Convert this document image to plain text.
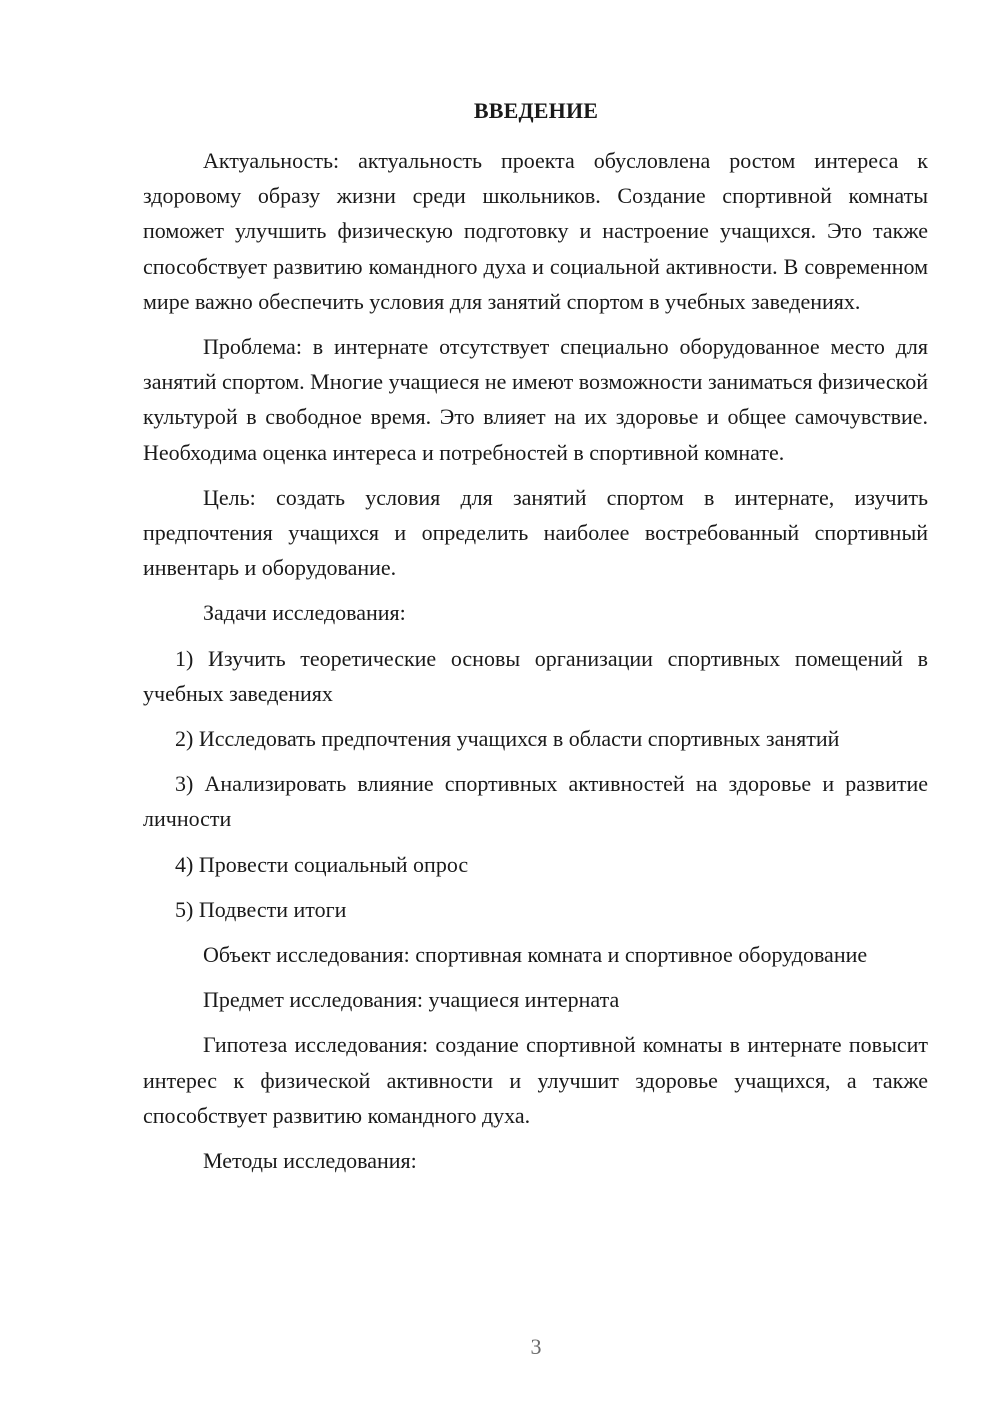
ВВЕДЕНИЕ

Актуальность: актуальность проекта обусловлена ростом интереса к здоровому образу жизни среди школьников. Создание спортивной комнаты поможет улучшить физическую подготовку и настроение учащихся. Это также способствует развитию командного духа и социальной активности. В современном мире важно обеспечить условия для занятий спортом в учебных заведениях.

Проблема: в интернате отсутствует специально оборудованное место для занятий спортом. Многие учащиеся не имеют возможности заниматься физической культурой в свободное время. Это влияет на их здоровье и общее самочувствие. Необходима оценка интереса и потребностей в спортивной комнате.

Цель: создать условия для занятий спортом в интернате, изучить предпочтения учащихся и определить наиболее востребованный спортивный инвентарь и оборудование.

Задачи исследования:

1) Изучить теоретические основы организации спортивных помещений в учебных заведениях

2) Исследовать предпочтения учащихся в области спортивных занятий

3) Анализировать влияние спортивных активностей на здоровье и развитие личности

4) Провести социальный опрос

5) Подвести итоги

Объект исследования: спортивная комната и спортивное оборудование

Предмет исследования: учащиеся интерната

Гипотеза исследования: создание спортивной комнаты в интернате повысит интерес к физической активности и улучшит здоровье учащихся, а также способствует развитию командного духа.

Методы исследования:

3
